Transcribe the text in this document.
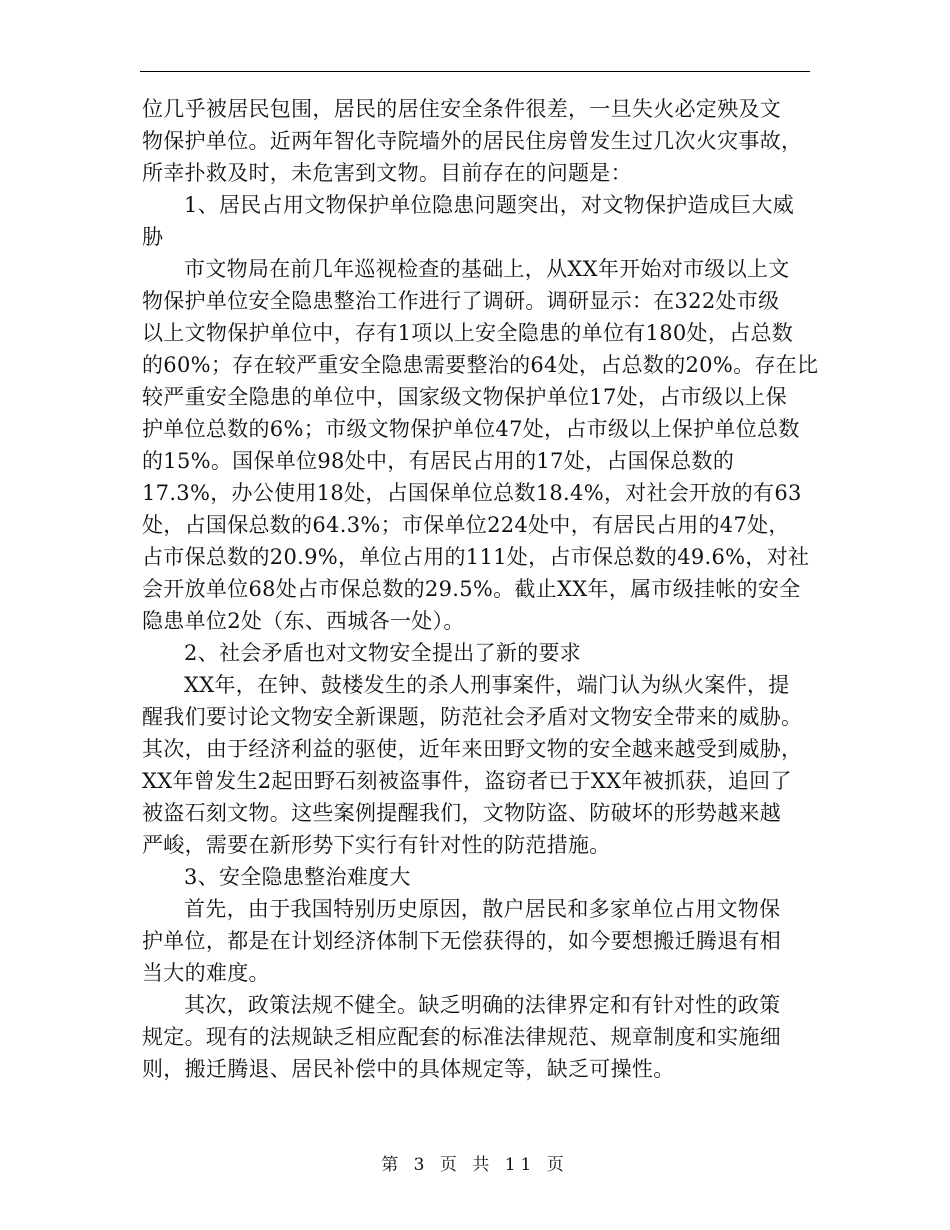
位几乎被居民包围，居民的居住安全条件很差，一旦失火必定殃及文
物保护单位。近两年智化寺院墙外的居民住房曾发生过几次火灾事故，
所幸扑救及时，未危害到文物。目前存在的问题是：
1、居民占用文物保护单位隐患问题突出，对文物保护造成巨大威
胁
市文物局在前几年巡视检查的基础上，从XX年开始对市级以上文
物保护单位安全隐患整治工作进行了调研。调研显示：在322处市级
以上文物保护单位中，存有1项以上安全隐患的单位有180处，占总数
的60%；存在较严重安全隐患需要整治的64处，占总数的20%。存在比
较严重安全隐患的单位中，国家级文物保护单位17处，占市级以上保
护单位总数的6%；市级文物保护单位47处，占市级以上保护单位总数
的15%。国保单位98处中，有居民占用的17处，占国保总数的
17.3%，办公使用18处，占国保单位总数18.4%，对社会开放的有63
处，占国保总数的64.3%；市保单位224处中，有居民占用的47处，
占市保总数的20.9%，单位占用的111处，占市保总数的49.6%，对社
会开放单位68处占市保总数的29.5%。截止XX年，属市级挂帐的安全
隐患单位2处（东、西城各一处）。
2、社会矛盾也对文物安全提出了新的要求
XX年，在钟、鼓楼发生的杀人刑事案件，端门认为纵火案件，提
醒我们要讨论文物安全新课题，防范社会矛盾对文物安全带来的威胁。
其次，由于经济利益的驱使，近年来田野文物的安全越来越受到威胁，
XX年曾发生2起田野石刻被盗事件，盗窃者已于XX年被抓获，追回了
被盗石刻文物。这些案例提醒我们，文物防盗、防破坏的形势越来越
严峻，需要在新形势下实行有针对性的防范措施。
3、安全隐患整治难度大
首先，由于我国特别历史原因，散户居民和多家单位占用文物保
护单位，都是在计划经济体制下无偿获得的，如今要想搬迁腾退有相
当大的难度。
其次，政策法规不健全。缺乏明确的法律界定和有针对性的政策
规定。现有的法规缺乏相应配套的标准法律规范、规章制度和实施细
则，搬迁腾退、居民补偿中的具体规定等，缺乏可操性。
第 3 页 共 11 页
